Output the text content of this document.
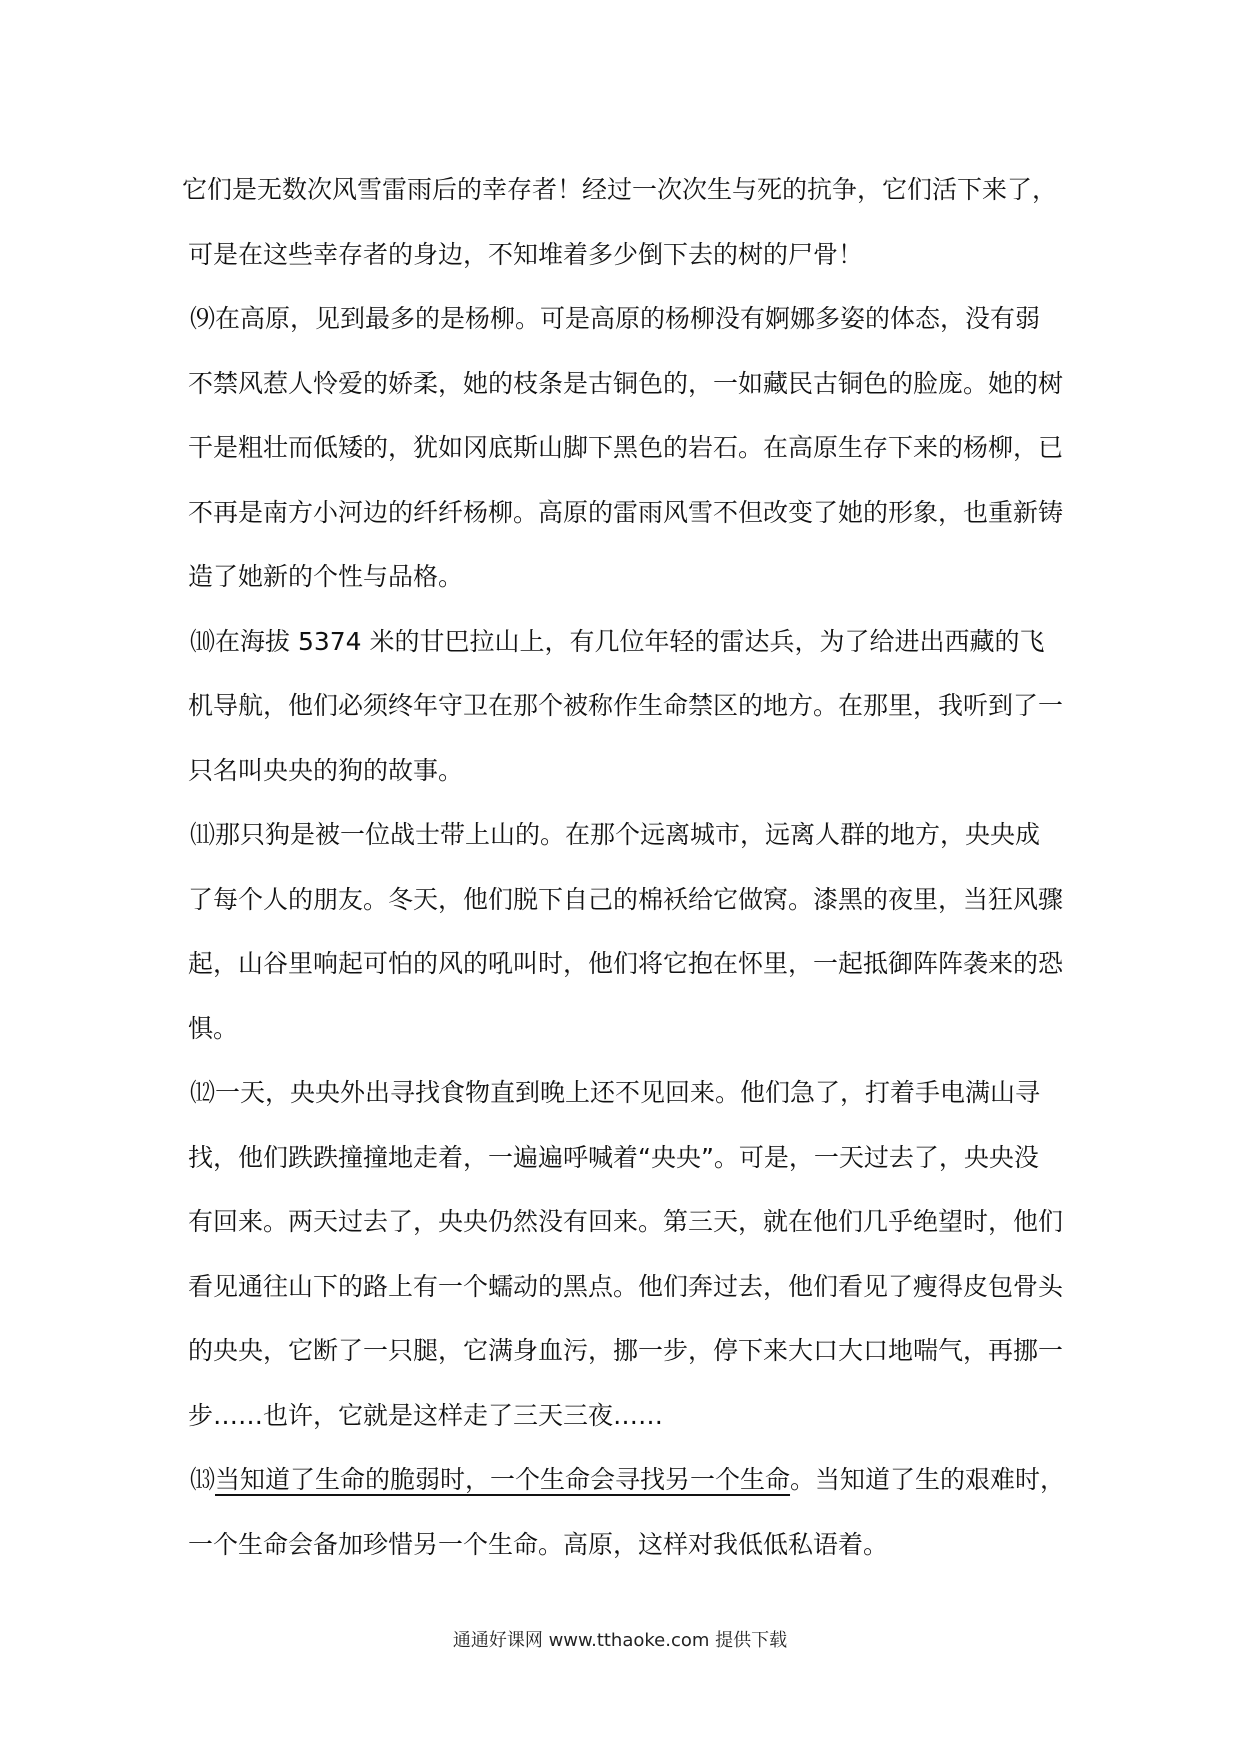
它们是无数次风雪雷雨后的幸存者！经过一次次生与死的抗争，它们活下来了，
可是在这些幸存者的身边，不知堆着多少倒下去的树的尸骨！
⑼在高原，见到最多的是杨柳。可是高原的杨柳没有婀娜多姿的体态，没有弱
不禁风惹人怜爱的娇柔，她的枝条是古铜色的，一如藏民古铜色的脸庞。她的树
干是粗壮而低矮的，犹如冈底斯山脚下黑色的岩石。在高原生存下来的杨柳，已
不再是南方小河边的纤纤杨柳。高原的雷雨风雪不但改变了她的形象，也重新铸
造了她新的个性与品格。
⑽在海拔 5374 米的甘巴拉山上，有几位年轻的雷达兵，为了给进出西藏的飞
机导航，他们必须终年守卫在那个被称作生命禁区的地方。在那里，我听到了一
只名叫央央的狗的故事。
⑾那只狗是被一位战士带上山的。在那个远离城市，远离人群的地方，央央成
了每个人的朋友。冬天，他们脱下自己的棉袄给它做窝。漆黑的夜里，当狂风骤
起，山谷里响起可怕的风的吼叫时，他们将它抱在怀里，一起抵御阵阵袭来的恐
惧。
⑿一天，央央外出寻找食物直到晚上还不见回来。他们急了，打着手电满山寻
找，他们跌跌撞撞地走着，一遍遍呼喊着“央央”。可是，一天过去了，央央没
有回来。两天过去了，央央仍然没有回来。第三天，就在他们几乎绝望时，他们
看见通往山下的路上有一个蠕动的黑点。他们奔过去，他们看见了瘦得皮包骨头
的央央，它断了一只腿，它满身血污，挪一步，停下来大口大口地喘气，再挪一
步……也许，它就是这样走了三天三夜……
⒀当知道了生命的脆弱时，一个生命会寻找另一个生命。当知道了生的艰难时，
一个生命会备加珍惜另一个生命。高原，这样对我低低私语着。
通通好课网 www.tthaoke.com 提供下载
